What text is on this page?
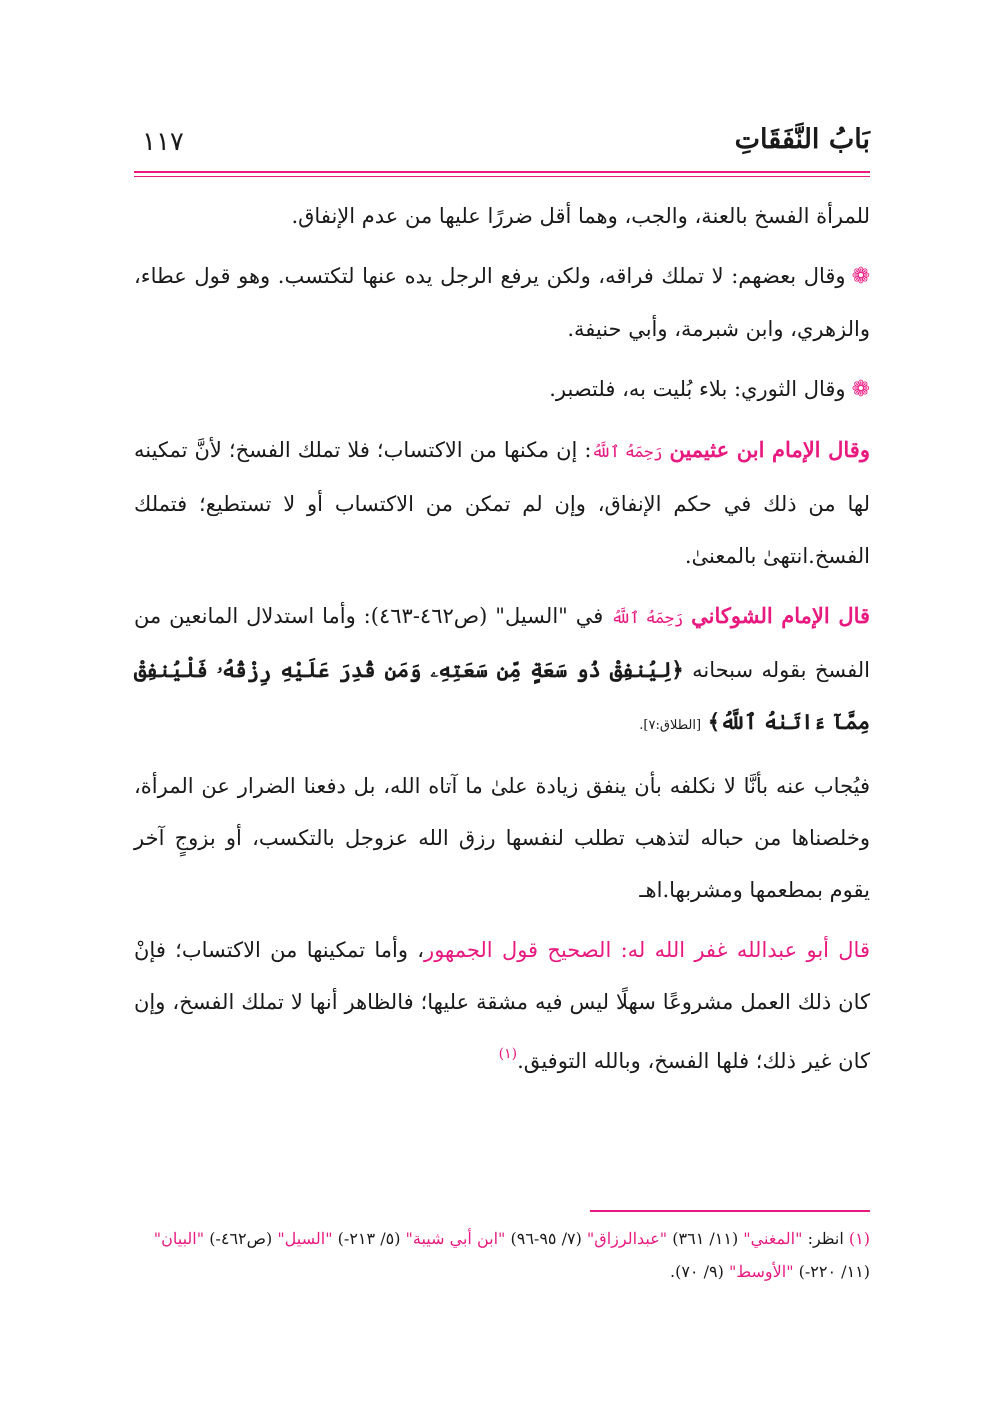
بَابُ النَّفَقَاتِ
١١٧

للمرأة الفسخ بالعنة، والجب، وهما أقل ضررًا عليها من عدم الإنفاق.

❁وقال بعضهم: لا تملك فراقه، ولكن يرفع الرجل يده عنها لتكتسب. وهو قول عطاء، والزهري، وابن شبرمة، وأبي حنيفة.

❁وقال الثوري: بلاء بُليت به، فلتصبر.

وقال الإمام ابن عثيمين رَحِمَهُ ٱللَّهُ: إن مكنها من الاكتساب؛ فلا تملك الفسخ؛ لأنَّ تمكينه لها من ذلك في حكم الإنفاق، وإن لم تمكن من الاكتساب أو لا تستطيع؛ فتملك الفسخ.انتهىٰ بالمعنىٰ.

قال الإمام الشوكاني رَحِمَهُ ٱللَّهُ في "السيل" (ص٤٦٢-٤٦٣): وأما استدلال المانعين من الفسخ بقوله سبحانه ﴿لِيُنفِقْ ذُو سَعَةٍ مِّن سَعَتِهِۦ وَمَن قُدِرَ عَلَيْهِ رِزْقُهُۥ فَلْيُنفِقْ مِمَّآ ءَاتَىٰهُ ٱللَّهُ﴾ [الطلاق:٧].

فيُجاب عنه بأنَّا لا نكلفه بأن ينفق زيادة علىٰ ما آتاه الله، بل دفعنا الضرار عن المرأة، وخلصناها من حباله لتذهب تطلب لنفسها رزق الله عزوجل بالتكسب، أو بزوجٍ آخر يقوم بمطعمها ومشربها.اهـ

قال أبو عبدالله غفر الله له: الصحيح قول الجمهور، وأما تمكينها من الاكتساب؛ فإنْ كان ذلك العمل مشروعًا سهلًا ليس فيه مشقة عليها؛ فالظاهر أنها لا تملك الفسخ، وإن كان غير ذلك؛ فلها الفسخ، وبالله التوفيق.$^{(١)}$

(١) انظر: "المغني" (١١/ ٣٦١) "عبدالرزاق" (٧/ ٩٥-٩٦) "ابن أبي شيبة" (٥/ ٢١٣-) "السيل" (ص٤٦٢-) "البيان" (١١/ ٢٢٠-) "الأوسط" (٩/ ٧٠).
